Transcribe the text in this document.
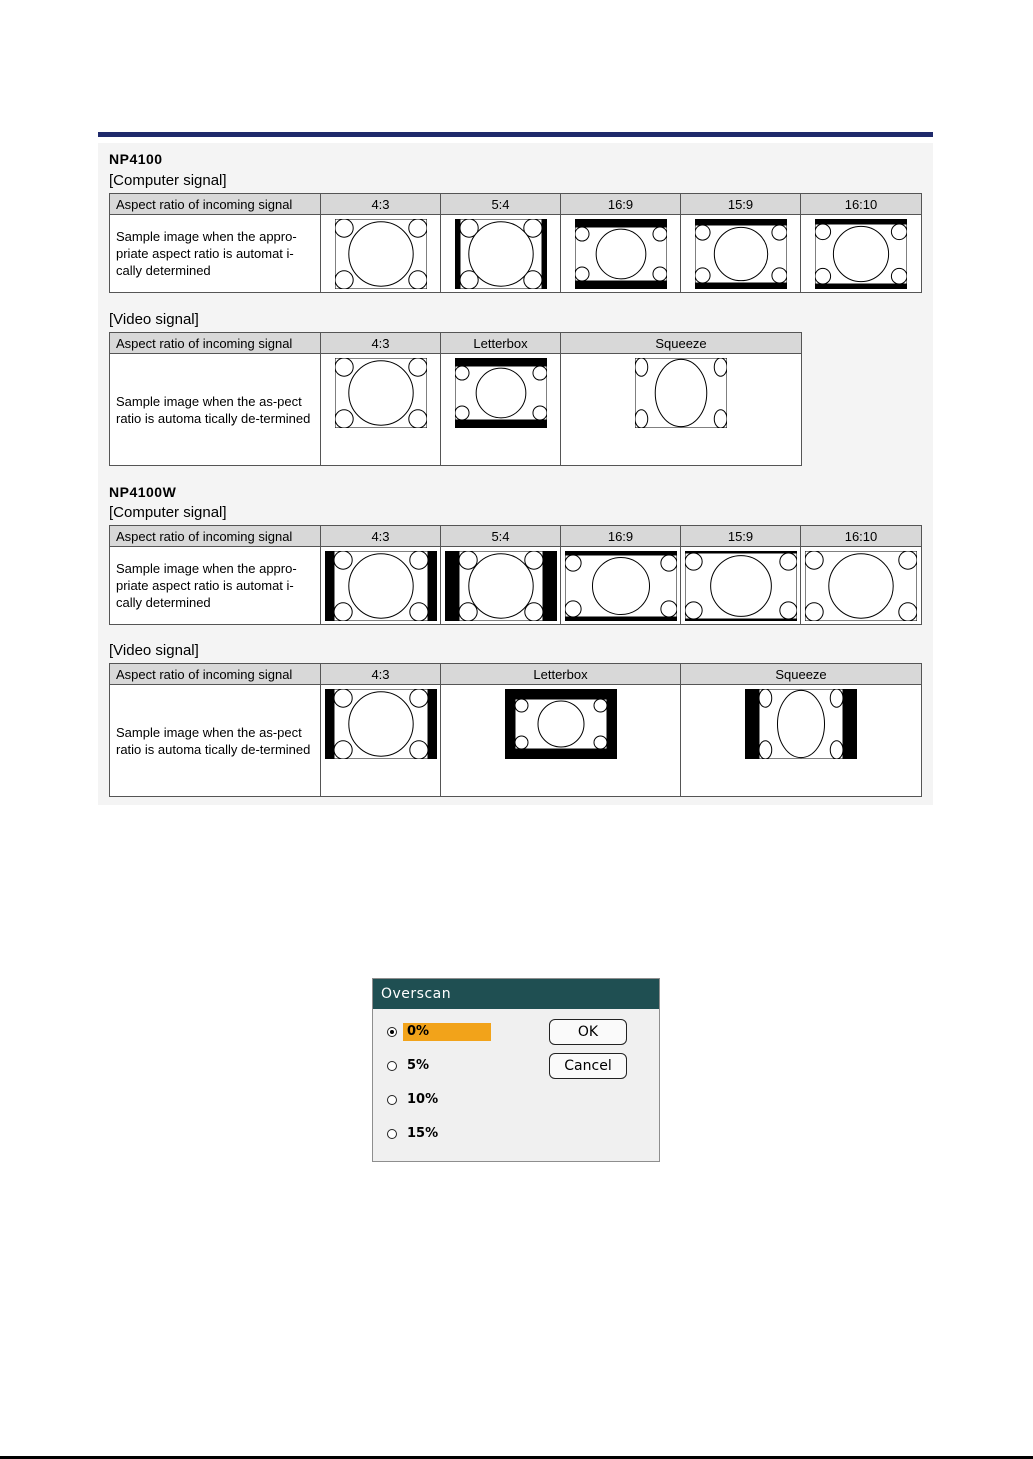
NP4100
[Computer signal]
Aspect ratio of incoming signal	4:3	5:4	16:9	15:9	16:10
Sample image when the appro-priate aspect ratio is automat i-cally determined	

[Video signal]
Aspect ratio of incoming signal	4:3	Letterbox	Squeeze
Sample image when the as-pect ratio is automa tically de-termined	

NP4100W
[Computer signal]
Aspect ratio of incoming signal	4:3	5:4	16:9	15:9	16:10
Sample image when the appro-priate aspect ratio is automat i-cally determined	

[Video signal]
Aspect ratio of incoming signal	4:3	Letterbox	Squeeze
Sample image when the as-pect ratio is automa tically de-termined	

Overscan
0%
5%
10%
15%
OK
Cancel
